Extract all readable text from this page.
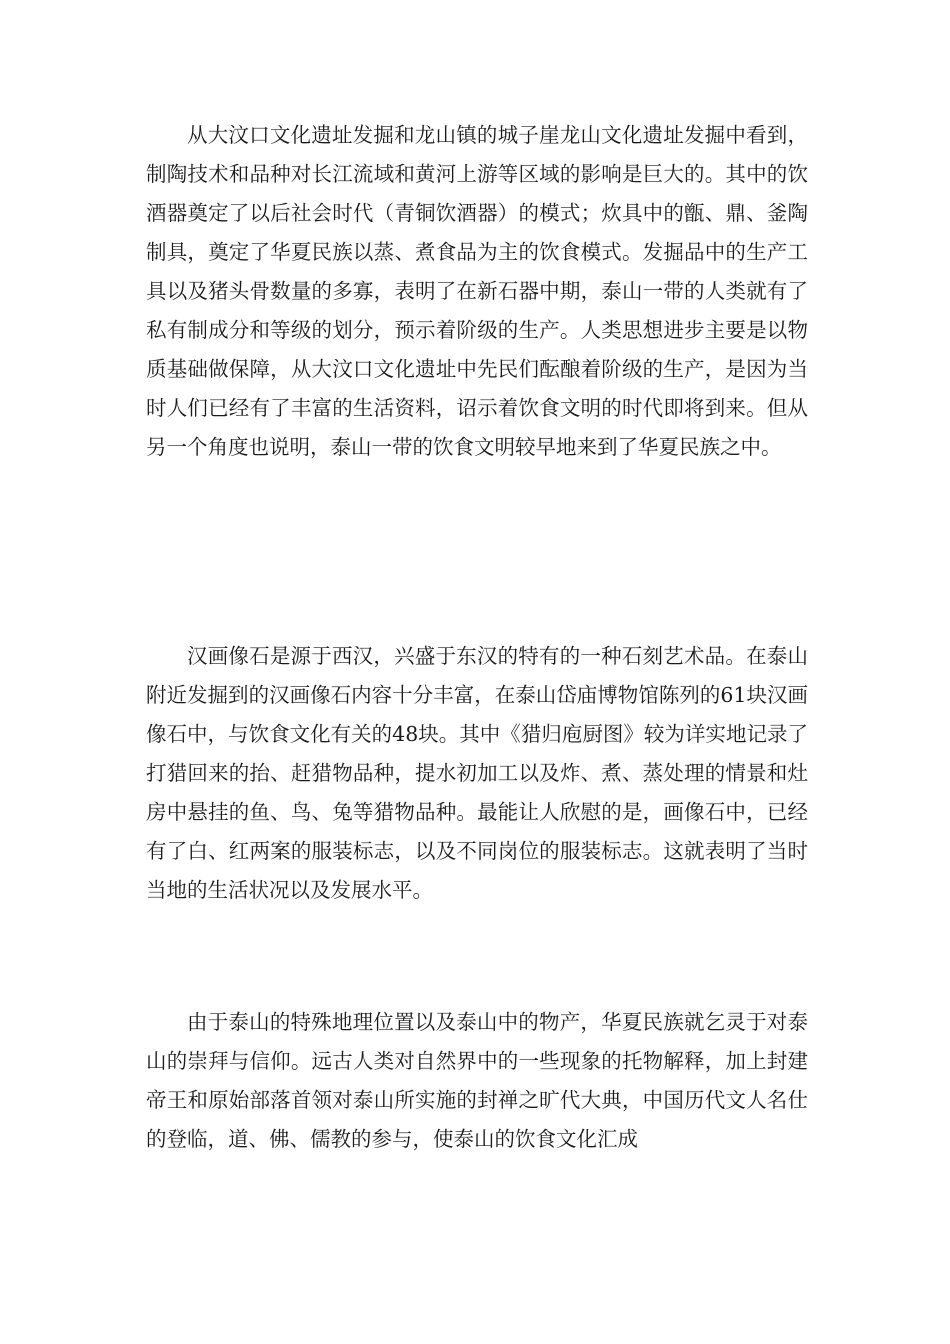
从大汶口文化遗址发掘和龙山镇的城子崖龙山文化遗址发掘中看到，制陶技术和品种对长江流域和黄河上游等区域的影响是巨大的。其中的饮酒器奠定了以后社会时代（青铜饮酒器）的模式；炊具中的甑、鼎、釜陶制具，奠定了华夏民族以蒸、煮食品为主的饮食模式。发掘品中的生产工具以及猪头骨数量的多寡，表明了在新石器中期，泰山一带的人类就有了私有制成分和等级的划分，预示着阶级的生产。人类思想进步主要是以物质基础做保障，从大汶口文化遗址中先民们酝酿着阶级的生产，是因为当时人们已经有了丰富的生活资料，诏示着饮食文明的时代即将到来。但从另一个角度也说明，泰山一带的饮食文明较早地来到了华夏民族之中。

汉画像石是源于西汉，兴盛于东汉的特有的一种石刻艺术品。在泰山附近发掘到的汉画像石内容十分丰富，在泰山岱庙博物馆陈列的61块汉画像石中，与饮食文化有关的48块。其中《猎归庖厨图》较为详实地记录了打猎回来的抬、赶猎物品种，提水初加工以及炸、煮、蒸处理的情景和灶房中悬挂的鱼、鸟、兔等猎物品种。最能让人欣慰的是，画像石中，已经有了白、红两案的服装标志，以及不同岗位的服装标志。这就表明了当时当地的生活状况以及发展水平。

由于泰山的特殊地理位置以及泰山中的物产，华夏民族就乞灵于对泰山的崇拜与信仰。远古人类对自然界中的一些现象的托物解释，加上封建帝王和原始部落首领对泰山所实施的封禅之旷代大典，中国历代文人名仕的登临，道、佛、儒教的参与，使泰山的饮食文化汇成
